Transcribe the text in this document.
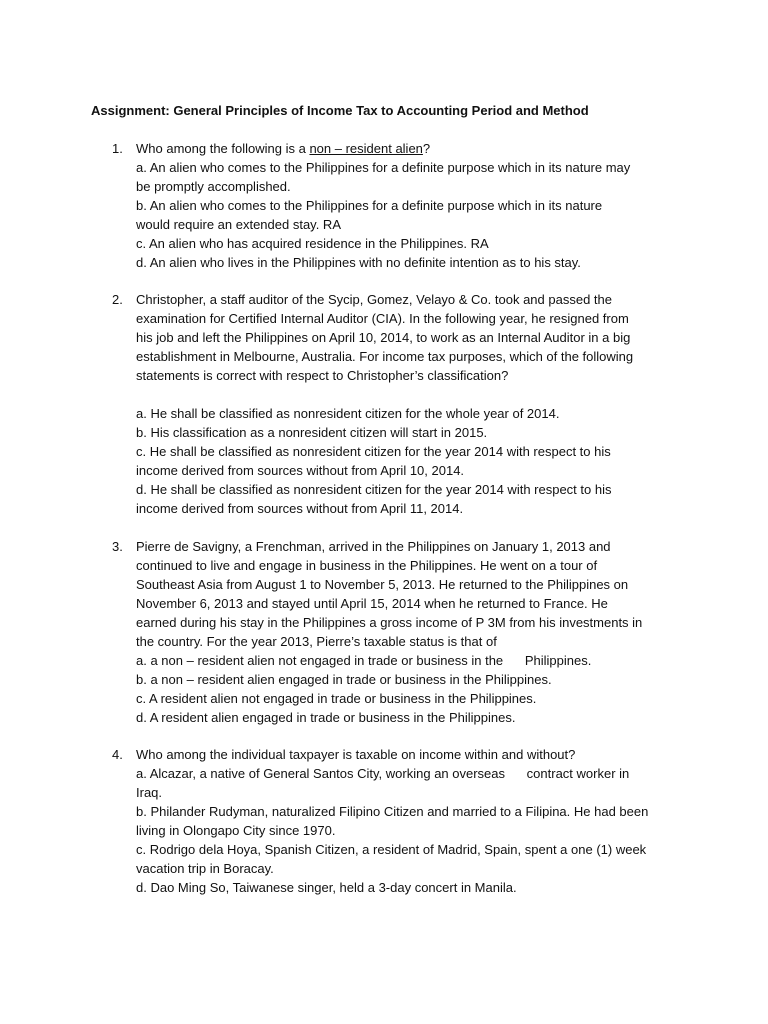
Assignment: General Principles of Income Tax to Accounting Period and Method
1. Who among the following is a non – resident alien?
a. An alien who comes to the Philippines for a definite purpose which in its nature may
be promptly accomplished.
b. An alien who comes to the Philippines for a definite purpose which in its nature
would require an extended stay. RA
c. An alien who has acquired residence in the Philippines. RA
d. An alien who lives in the Philippines with no definite intention as to his stay.
2. Christopher, a staff auditor of the Sycip, Gomez, Velayo & Co. took and passed the
examination for Certified Internal Auditor (CIA). In the following year, he resigned from
his job and left the Philippines on April 10, 2014, to work as an Internal Auditor in a big
establishment in Melbourne, Australia. For income tax purposes, which of the following
statements is correct with respect to Christopher’s classification?
a. He shall be classified as nonresident citizen for the whole year of 2014.
b. His classification as a nonresident citizen will start in 2015.
c. He shall be classified as nonresident citizen for the year 2014 with respect to his
income derived from sources without from April 10, 2014.
d. He shall be classified as nonresident citizen for the year 2014 with respect to his
income derived from sources without from April 11, 2014.
3. Pierre de Savigny, a Frenchman, arrived in the Philippines on January 1, 2013 and
continued to live and engage in business in the Philippines. He went on a tour of
Southeast Asia from August 1 to November 5, 2013. He returned to the Philippines on
November 6, 2013 and stayed until April 15, 2014 when he returned to France. He
earned during his stay in the Philippines a gross income of P 3M from his investments in
the country. For the year 2013, Pierre’s taxable status is that of
a. a non – resident alien not engaged in trade or business in the      Philippines.
b. a non – resident alien engaged in trade or business in the Philippines.
c. A resident alien not engaged in trade or business in the Philippines.
d. A resident alien engaged in trade or business in the Philippines.
4. Who among the individual taxpayer is taxable on income within and without?
a. Alcazar, a native of General Santos City, working an overseas      contract worker in
Iraq.
b. Philander Rudyman, naturalized Filipino Citizen and married to a Filipina. He had been
living in Olongapo City since 1970.
c. Rodrigo dela Hoya, Spanish Citizen, a resident of Madrid, Spain, spent a one (1) week
vacation trip in Boracay.
d. Dao Ming So, Taiwanese singer, held a 3-day concert in Manila.
